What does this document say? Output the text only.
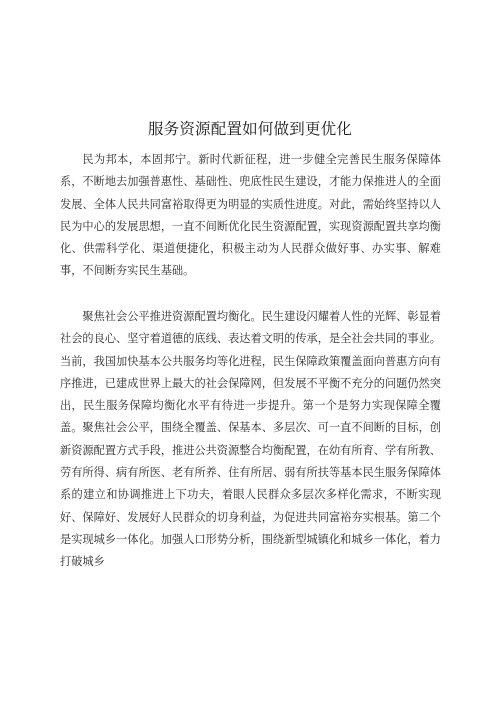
服务资源配置如何做到更优化

民为邦本，本固邦宁。新时代新征程，进一步健全完善民生服务保障体系，不断地去加强普惠性、基础性、兜底性民生建设，才能力保推进人的全面发展、全体人民共同富裕取得更为明显的实质性进度。对此，需始终坚持以人民为中心的发展思想，一直不间断优化民生资源配置，实现资源配置共享均衡化、供需科学化、渠道便捷化，积极主动为人民群众做好事、办实事、解难事，不间断夯实民生基础。

聚焦社会公平推进资源配置均衡化。民生建设闪耀着人性的光辉、彰显着社会的良心、坚守着道德的底线、表达着文明的传承，是全社会共同的事业。当前，我国加快基本公共服务均等化进程，民生保障政策覆盖面向普惠方向有序推进，已建成世界上最大的社会保障网，但发展不平衡不充分的问题仍然突出，民生服务保障均衡化水平有待进一步提升。第一个是努力实现保障全覆盖。聚焦社会公平，围绕全覆盖、保基本、多层次、可一直不间断的目标，创新资源配置方式手段，推进公共资源整合均衡配置，在幼有所育、学有所教、劳有所得、病有所医、老有所养、住有所居、弱有所扶等基本民生服务保障体系的建立和协调推进上下功夫，着眼人民群众多层次多样化需求，不断实现好、保障好、发展好人民群众的切身利益，为促进共同富裕夯实根基。第二个是实现城乡一体化。加强人口形势分析，围绕新型城镇化和城乡一体化，着力打破城乡
